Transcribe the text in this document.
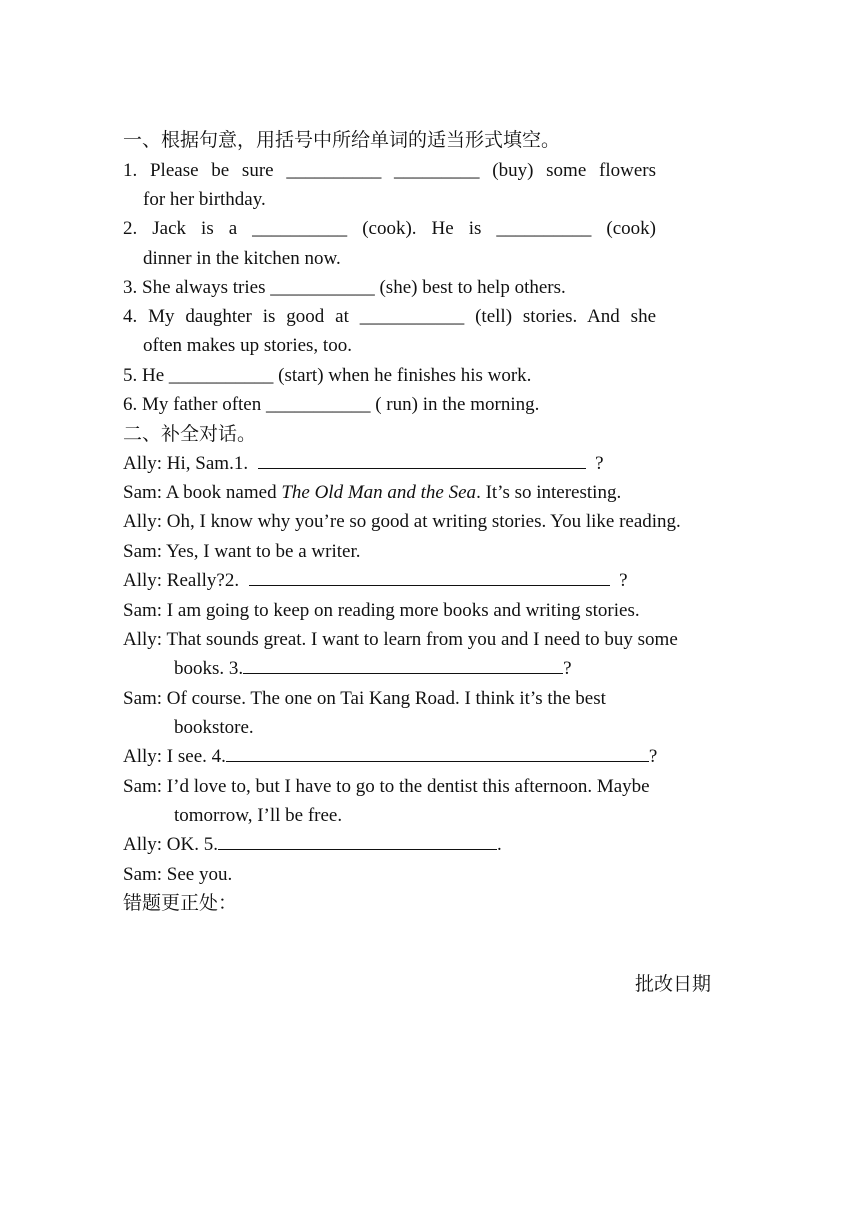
一、根据句意，用括号中所给单词的适当形式填空。
1. Please be sure __________ _________ (buy) some flowers
for her birthday.
2. Jack is a __________ (cook). He is __________ (cook)
dinner in the kitchen now.
3. She always tries ___________ (she) best to help others.
4. My daughter is good at ___________ (tell) stories. And she
often makes up stories, too.
5. He ___________ (start) when he finishes his work.
6. My father often ___________ ( run) in the morning.
二、补全对话。
Ally: Hi, Sam.1.	?
Sam: A book named The Old Man and the Sea. It’s so interesting.
Ally: Oh, I know why you’re so good at writing stories. You like reading.
Sam: Yes, I want to be a writer.
Ally: Really?2.	?
Sam: I am going to keep on reading more books and writing stories.
Ally: That sounds great. I want to learn from you and I need to buy some
books. 3.	?
Sam: Of course. The one on Tai Kang Road. I think it’s the best
bookstore.
Ally: I see. 4.	?
Sam: I’d love to, but I have to go to the dentist this afternoon. Maybe
tomorrow, I’ll be free.
Ally: OK. 5.	.
Sam: See you.
错题更正处：
批改日期
